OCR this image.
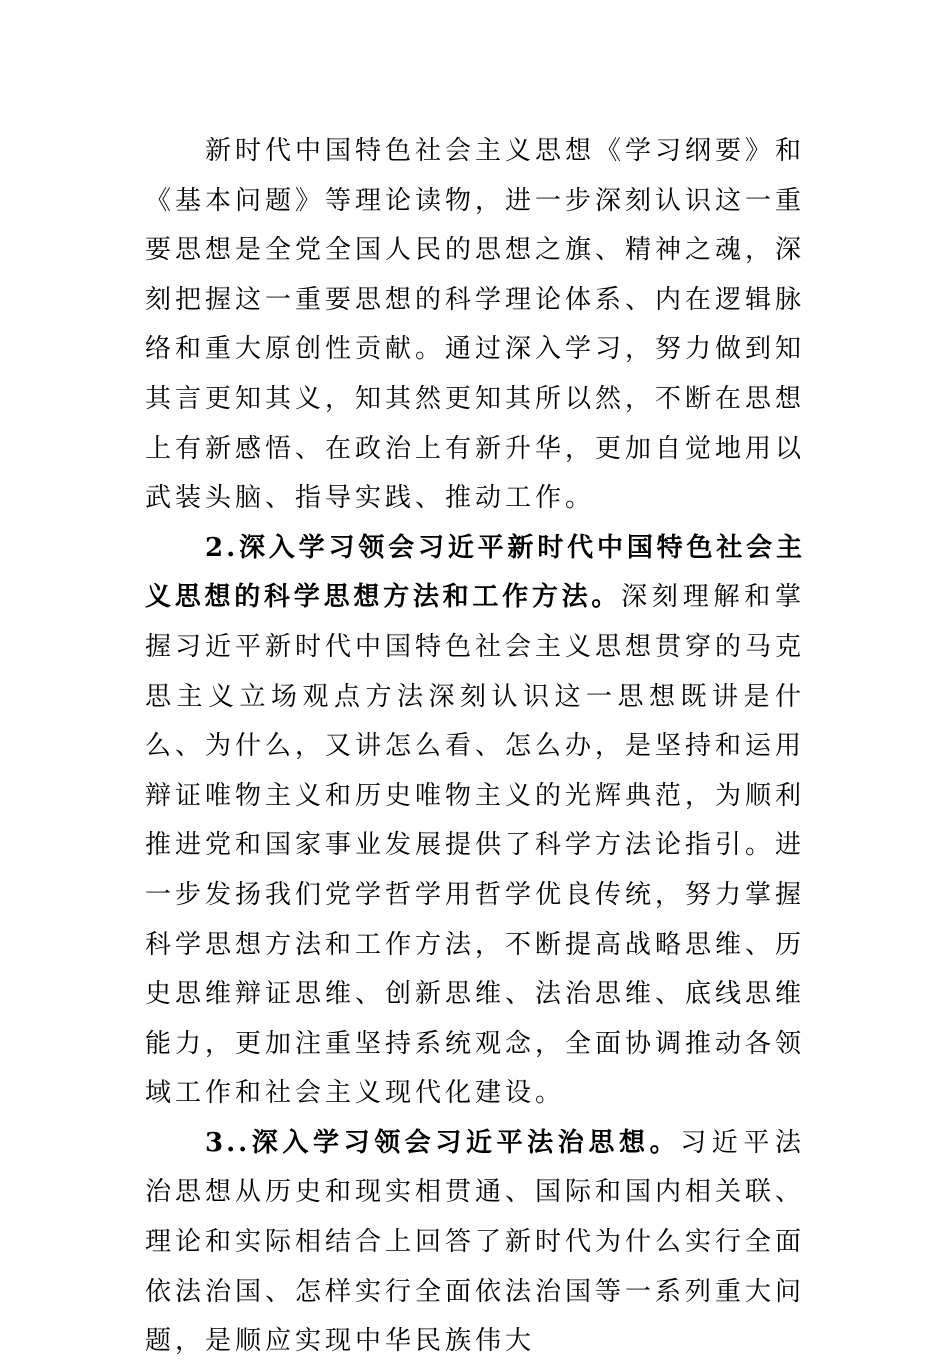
新时代中国特色社会主义思想《学习纲要》和《基本问题》等理论读物，进一步深刻认识这一重要思想是全党全国人民的思想之旗、精神之魂，深刻把握这一重要思想的科学理论体系、内在逻辑脉络和重大原创性贡献。通过深入学习，努力做到知其言更知其义，知其然更知其所以然，不断在思想上有新感悟、在政治上有新升华，更加自觉地用以武装头脑、指导实践、推动工作。

2.深入学习领会习近平新时代中国特色社会主义思想的科学思想方法和工作方法。深刻理解和掌握习近平新时代中国特色社会主义思想贯穿的马克思主义立场观点方法深刻认识这一思想既讲是什么、为什么，又讲怎么看、怎么办，是坚持和运用辩证唯物主义和历史唯物主义的光辉典范，为顺利推进党和国家事业发展提供了科学方法论指引。进一步发扬我们党学哲学用哲学优良传统，努力掌握科学思想方法和工作方法，不断提高战略思维、历史思维辩证思维、创新思维、法治思维、底线思维能力，更加注重坚持系统观念，全面协调推动各领域工作和社会主义现代化建设。

3..深入学习领会习近平法治思想。习近平法治思想从历史和现实相贯通、国际和国内相关联、理论和实际相结合上回答了新时代为什么实行全面依法治国、怎样实行全面依法治国等一系列重大问题，是顺应实现中华民族伟大
